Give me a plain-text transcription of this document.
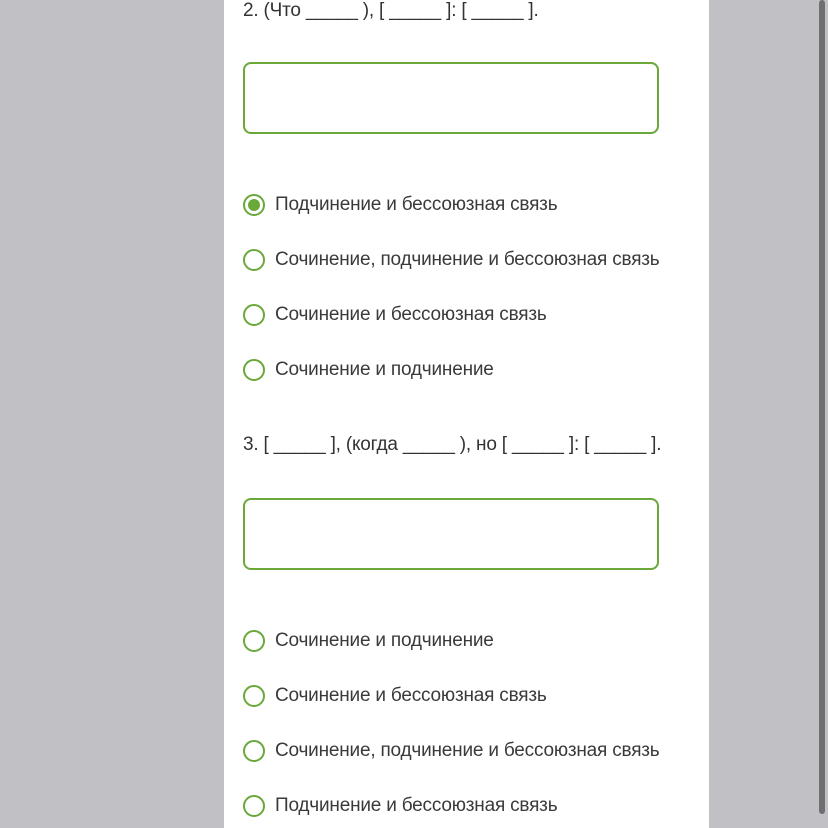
2. (Что _____ ), [ _____ ]: [ _____ ].
Подчинение и бессоюзная связь
Сочинение, подчинение и бессоюзная связь
Сочинение и бессоюзная связь
Сочинение и подчинение
3. [ _____ ], (когда _____ ), но [ _____ ]: [ _____ ].
Сочинение и подчинение
Сочинение и бессоюзная связь
Сочинение, подчинение и бессоюзная связь
Подчинение и бессоюзная связь
